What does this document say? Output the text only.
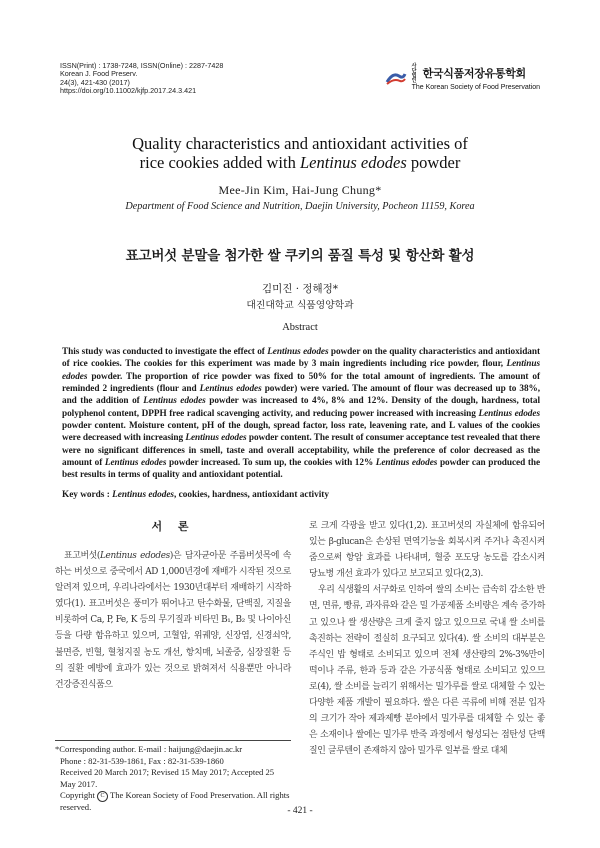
ISSN(Print) : 1738-7248, ISSN(Online) : 2287-7428
Korean J. Food Preserv.
24(3), 421-430 (2017)
https://doi.org/10.11002/kjfp.2017.24.3.421
사단 법인한국식품저장유통학회
The Korean Society of Food Preservation
Quality characteristics and antioxidant activities of
rice cookies added with Lentinus edodes powder
Mee-Jin Kim, Hai-Jung Chung*
Department of Food Science and Nutrition, Daejin University, Pocheon 11159, Korea
표고버섯 분말을 첨가한 쌀 쿠키의 품질 특성 및 항산화 활성
김미진 · 정해정*
대진대학교 식품영양학과
Abstract
This study was conducted to investigate the effect of Lentinus edodes powder on the quality characteristics and antioxidant of rice cookies. The cookies for this experiment was made by 3 main ingredients including rice powder, flour, Lentinus edodes powder. The proportion of rice powder was fixed to 50% for the total amount of ingredients. The amount of reminded 2 ingredients (flour and Lentinus edodes powder) were varied. The amount of flour was decreased up to 38%, and the addition of Lentinus edodes powder was increased to 4%, 8% and 12%. Density of the dough, hardness, total polyphenol content, DPPH free radical scavenging activity, and reducing power increased with increasing Lentinus edodes powder content. Moisture content, pH of the dough, spread factor, loss rate, leavening rate, and L values of the cookies were decreased with increasing Lentinus edodes powder content. The result of consumer acceptance test revealed that there were no significant differences in smell, taste and overall acceptability, while the preference of color decreased as the amount of Lentinus edodes powder increased. To sum up, the cookies with 12% Lentinus edodes powder can produced the best results in terms of quality and antioxidant potential.
Key words : Lentinus edodes, cookies, hardness, antioxidant activity
서 론

표고버섯(Lentinus edodes)은 담자균아문 주름버섯목에 속하는 버섯으로 중국에서 AD 1,000년경에 재배가 시작된 것으로 알려져 있으며, 우리나라에서는 1930년대부터 재배하기 시작하였다(1). 표고버섯은 풍미가 뛰어나고 탄수화물, 단백질, 지질을 비롯하여 Ca, P, Fe, K 등의 무기질과 비타민 B₁, B₂ 및 나이아신 등을 다량 함유하고 있으며, 고혈압, 위궤양, 신장염, 신경쇠약, 불면증, 빈혈, 혈청지질 농도 개선, 항치매, 뇌졸중, 심장질환 등의 질환 예방에 효과가 있는 것으로 밝혀져서 식용뿐만 아니라 건강증진식품으

로 크게 각광을 받고 있다(1,2). 표고버섯의 자실체에 함유되어 있는 β-glucan은 손상된 면역기능을 회복시켜 주거나 촉진시켜 줌으로써 항암 효과를 나타내며, 혈중 포도당 농도를 감소시켜 당뇨병 개선 효과가 있다고 보고되고 있다(2,3).

우리 식생활의 서구화로 인하여 쌀의 소비는 급속히 감소한 반면, 면류, 빵류, 과자류와 같은 밀 가공제품 소비량은 계속 증가하고 있으나 쌀 생산량은 크게 줄지 않고 있으므로 국내 쌀 소비를 촉진하는 전략이 절실히 요구되고 있다(4). 쌀 소비의 대부분은 주식인 밥 형태로 소비되고 있으며 전체 생산량의 2%-3%만이 떡이나 주류, 한과 등과 같은 가공식품 형태로 소비되고 있으므로(4), 쌀 소비를 늘리기 위해서는 밀가루를 쌀로 대체할 수 있는 다양한 제품 개발이 필요하다. 쌀은 다른 곡류에 비해 전분 입자의 크기가 작아 제과제빵 분야에서 밀가루를 대체할 수 있는 좋은 소재이나 쌀에는 밀가루 반죽 과정에서 형성되는 점탄성 단백질인 글루텐이 존재하지 않아 밀가루 일부를 쌀로 대체

*Corresponding author. E-mail : haijung@daejin.ac.kr
Phone : 82-31-539-1861, Fax : 82-31-539-1860
Received 20 March 2017; Revised 15 May 2017; Accepted 25 May 2017.
Copyright C The Korean Society of Food Preservation. All rights reserved.	- 421 -
